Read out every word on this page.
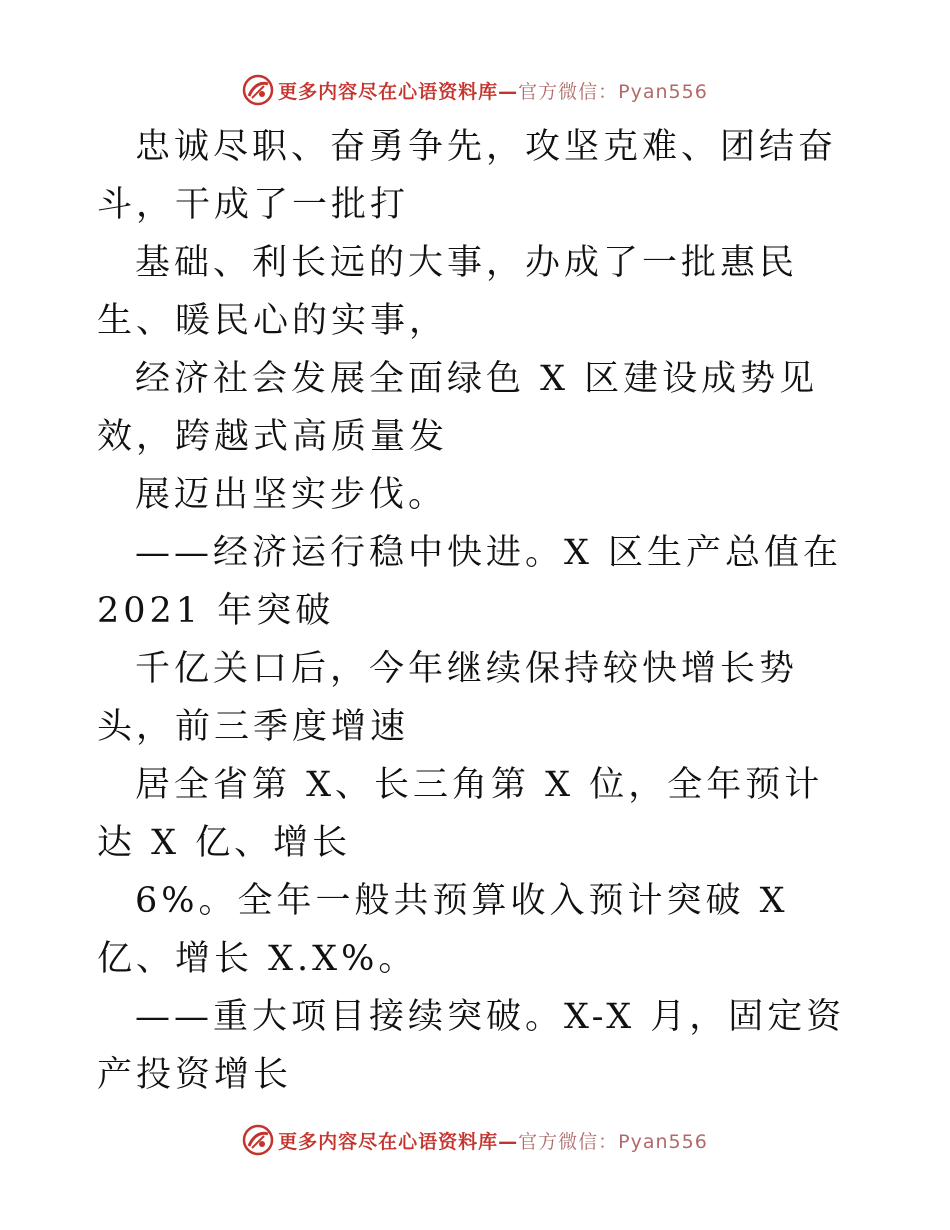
更多内容尽在心语资料库—官方微信：Pyan556

忠诚尽职、奋勇争先，攻坚克难、团结奋斗，干成了一批打

基础、利长远的大事，办成了一批惠民生、暖民心的实事，

经济社会发展全面绿色 X 区建设成势见效，跨越式高质量发

展迈出坚实步伐。

——经济运行稳中快进。X 区生产总值在 2021 年突破

千亿关口后，今年继续保持较快增长势头，前三季度增速

居全省第 X、长三角第 X 位，全年预计达 X 亿、增长

6%。全年一般共预算收入预计突破 X 亿、增长 X.X%。

——重大项目接续突破。X-X 月，固定资产投资增长

更多内容尽在心语资料库—官方微信：Pyan556
